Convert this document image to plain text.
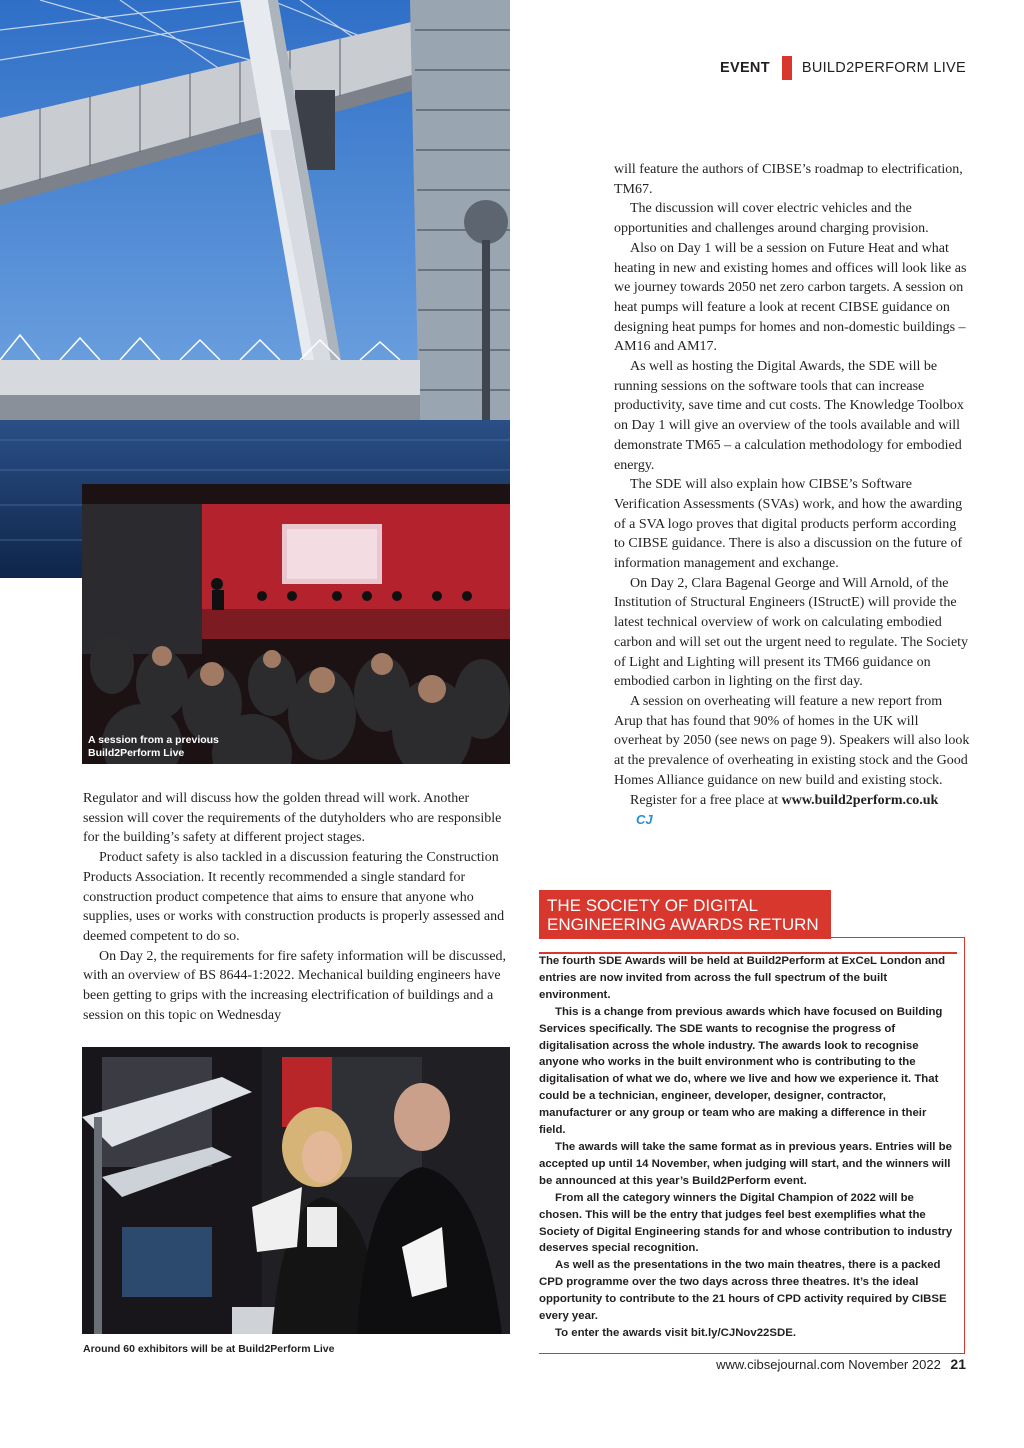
EVENT BUILD2PERFORM LIVE
A session from a previous
Build2Perform Live

Regulator and will discuss how the golden thread will work. Another session will cover the requirements of the dutyholders who are responsible for the building’s safety at different project stages.

Product safety is also tackled in a discussion featuring the Construction Products Association. It recently recommended a single standard for construction product competence that aims to ensure that anyone who supplies, uses or works with construction products is properly assessed and deemed competent to do so.

On Day 2, the requirements for fire safety information will be discussed, with an overview of BS 8644-1:2022. Mechanical building engineers have been getting to grips with the increasing electrification of buildings and a session on this topic on Wednesday

Around 60 exhibitors will be at Build2Perform Live

will feature the authors of CIBSE’s roadmap to electrification, TM67.

The discussion will cover electric vehicles and the opportunities and challenges around charging provision.

Also on Day 1 will be a session on Future Heat and what heating in new and existing homes and offices will look like as we journey towards 2050 net zero carbon targets. A session on heat pumps will feature a look at recent CIBSE guidance on designing heat pumps for homes and non-domestic buildings – AM16 and AM17.

As well as hosting the Digital Awards, the SDE will be running sessions on the software tools that can increase productivity, save time and cut costs. The Knowledge Toolbox on Day 1 will give an overview of the tools available and will demonstrate TM65 – a calculation methodology for embodied energy.

The SDE will also explain how CIBSE’s Software Verification Assessments (SVAs) work, and how the awarding of a SVA logo proves that digital products perform according to CIBSE guidance. There is also a discussion on the future of information management and exchange.

On Day 2, Clara Bagenal George and Will Arnold, of the Institution of Structural Engineers (IStructE) will provide the latest technical overview of work on calculating embodied carbon and will set out the urgent need to regulate. The Society of Light and Lighting will present its TM66 guidance on embodied carbon in lighting on the first day.

A session on overheating will feature a new report from Arup that has found that 90% of homes in the UK will overheat by 2050 (see news on page 9). Speakers will also look at the prevalence of overheating in existing stock and the Good Homes Alliance guidance on new build and existing stock.

Register for a free place at www.build2perform.co.ukCJ

THE SOCIETY OF DIGITAL
ENGINEERING AWARDS RETURN

The fourth SDE Awards will be held at Build2Perform at ExCeL London and entries are now invited from across the full spectrum of the built environment.

This is a change from previous awards which have focused on Building Services specifically. The SDE wants to recognise the progress of digitalisation across the whole industry. The awards look to recognise anyone who works in the built environment who is contributing to the digitalisation of what we do, where we live and how we experience it. That could be a technician, engineer, developer, designer, contractor, manufacturer or any group or team who are making a difference in their field.

The awards will take the same format as in previous years. Entries will be accepted up until 14 November, when judging will start, and the winners will be announced at this year’s Build2Perform event.

From all the category winners the Digital Champion of 2022 will be chosen. This will be the entry that judges feel best exemplifies what the Society of Digital Engineering stands for and whose contribution to industry deserves special recognition.

As well as the presentations in the two main theatres, there is a packed CPD programme over the two days across three theatres. It’s the ideal opportunity to contribute to the 21 hours of CPD activity required by CIBSE every year.

To enter the awards visit bit.ly/CJNov22SDE.

www.cibsejournal.com November 2022 21
